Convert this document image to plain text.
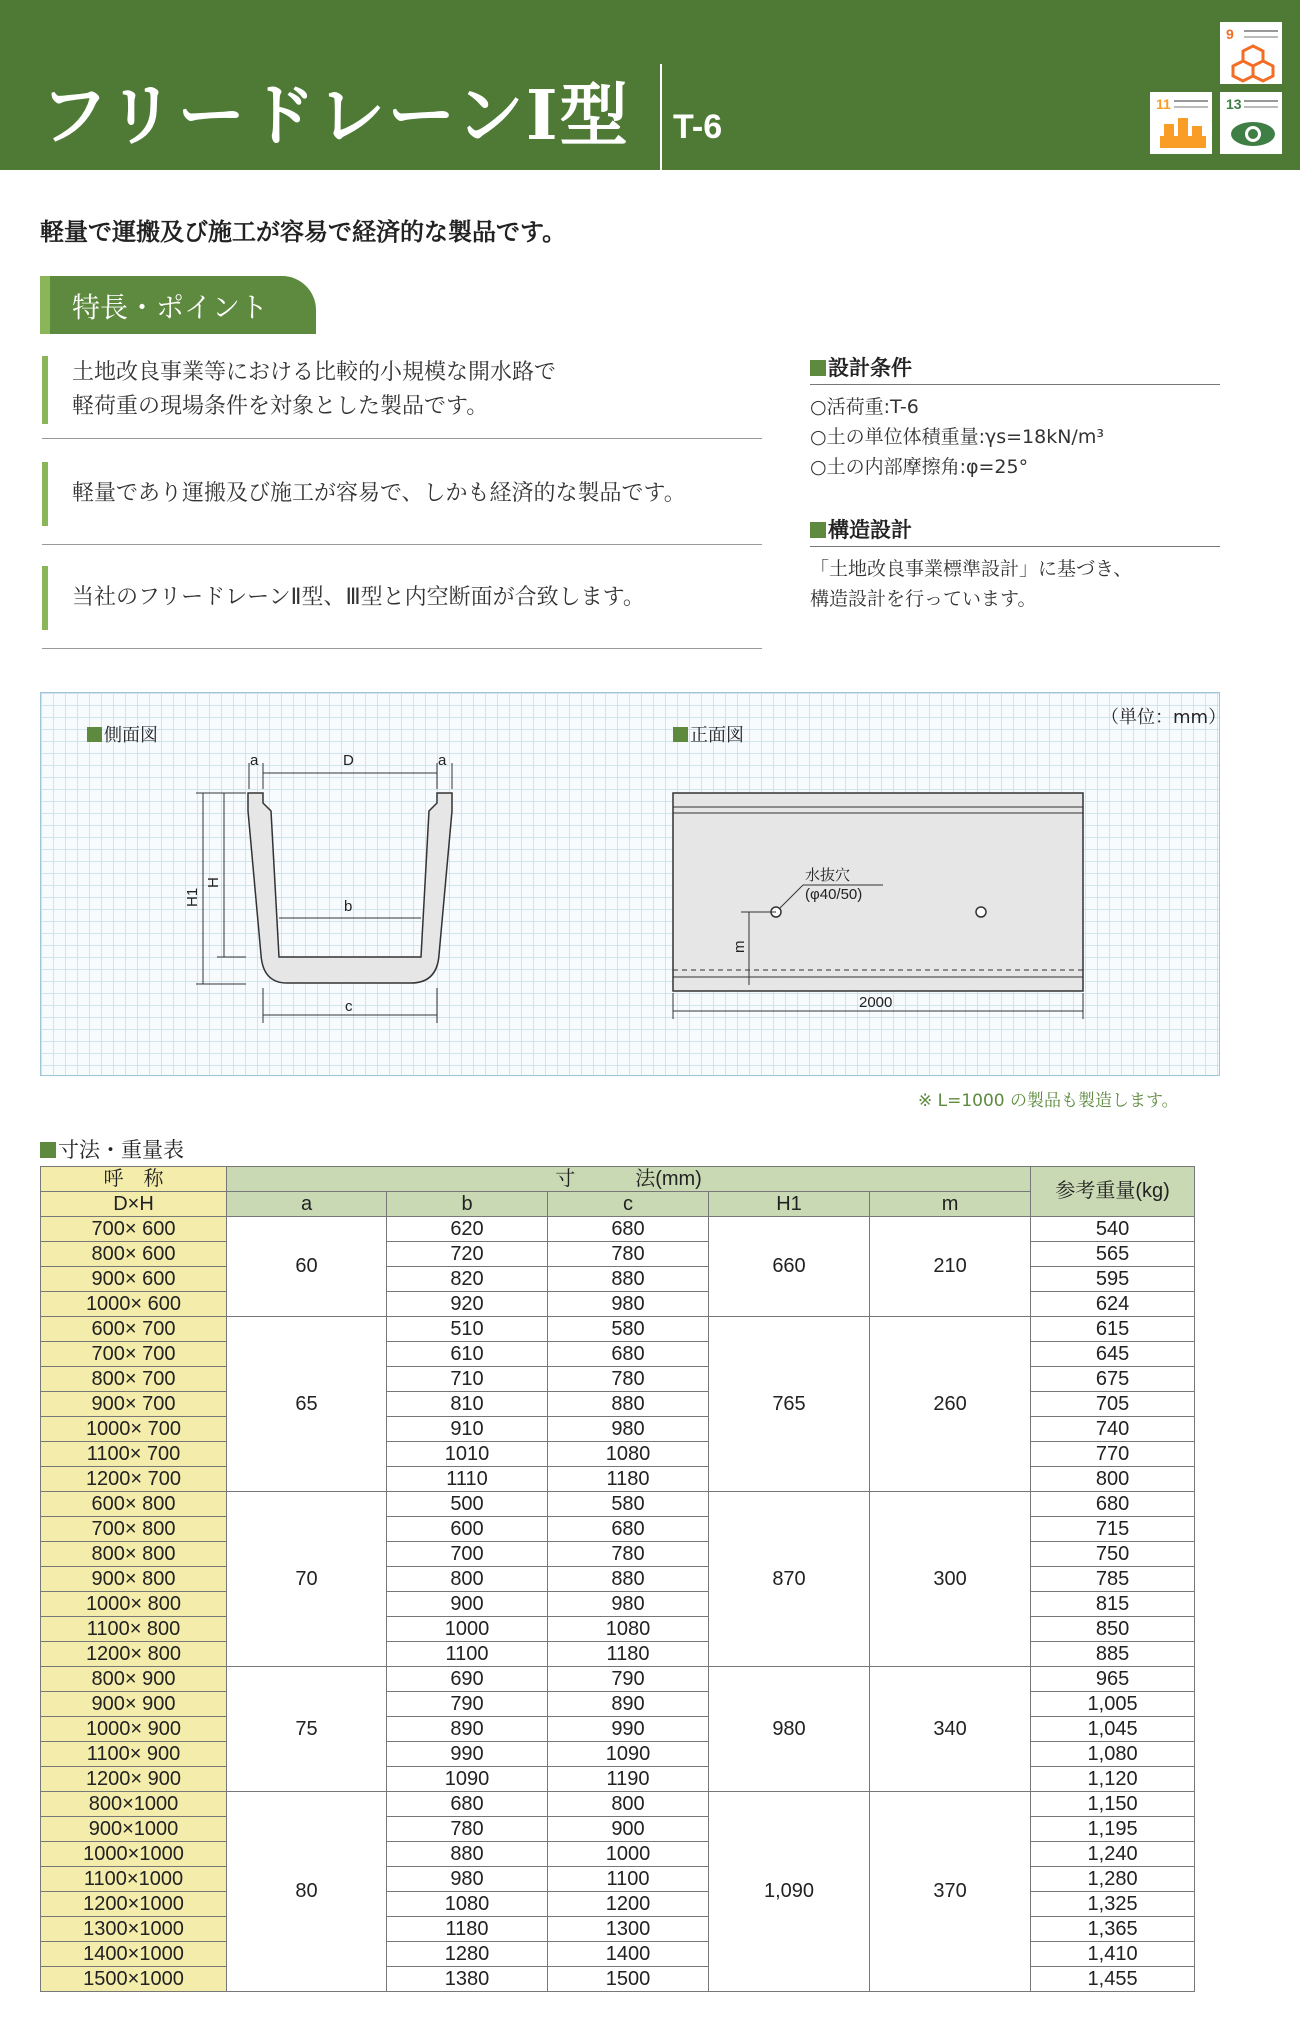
フリードレーンⅠ型 T-6
9
11	13
軽量で運搬及び施工が容易で経済的な製品です。
特長・ポイント
土地改良事業等における比較的小規模な開水路で
軽荷重の現場条件を対象とした製品です。
軽量であり運搬及び施工が容易で、しかも経済的な製品です。
当社のフリードレーンⅡ型、Ⅲ型と内空断面が合致します。
設計条件
○活荷重:T-6
○土の単位体積重量:γs=18kN/m³
○土の内部摩擦角:φ=25°
構造設計
「土地改良事業標準設計」に基づき、
構造設計を行っています。
（単位：mm）
側面図	正面図
a	D	a
b
c
H1
H	水抜穴
(φ40/50)
m
2000
※ L=1000 の製品も製造します。
寸法・重量表
呼　称	寸　　　法(mm)					参考重量(kg)
D×H	a	b	c	H1	m	
700× 600	60	620	680	660	210	540
800× 600		720	780			565
900× 600		820	880			595
1000× 600		920	980			624
600× 700	65	510	580	765	260	615
700× 700		610	680			645
800× 700		710	780			675
900× 700		810	880			705
1000× 700		910	980			740
1100× 700		1010	1080			770
1200× 700		1110	1180			800
600× 800	70	500	580	870	300	680
700× 800		600	680			715
800× 800		700	780			750
900× 800		800	880			785
1000× 800		900	980			815
1100× 800		1000	1080			850
1200× 800		1100	1180			885
800× 900	75	690	790	980	340	965
900× 900		790	890			1,005
1000× 900		890	990			1,045
1100× 900		990	1090			1,080
1200× 900		1090	1190			1,120
800×1000	80	680	800	1,090	370	1,150
900×1000		780	900			1,195
1000×1000		880	1000			1,240
1100×1000		980	1100			1,280
1200×1000		1080	1200			1,325
1300×1000		1180	1300			1,365
1400×1000		1280	1400			1,410
1500×1000		1380	1500			1,455
